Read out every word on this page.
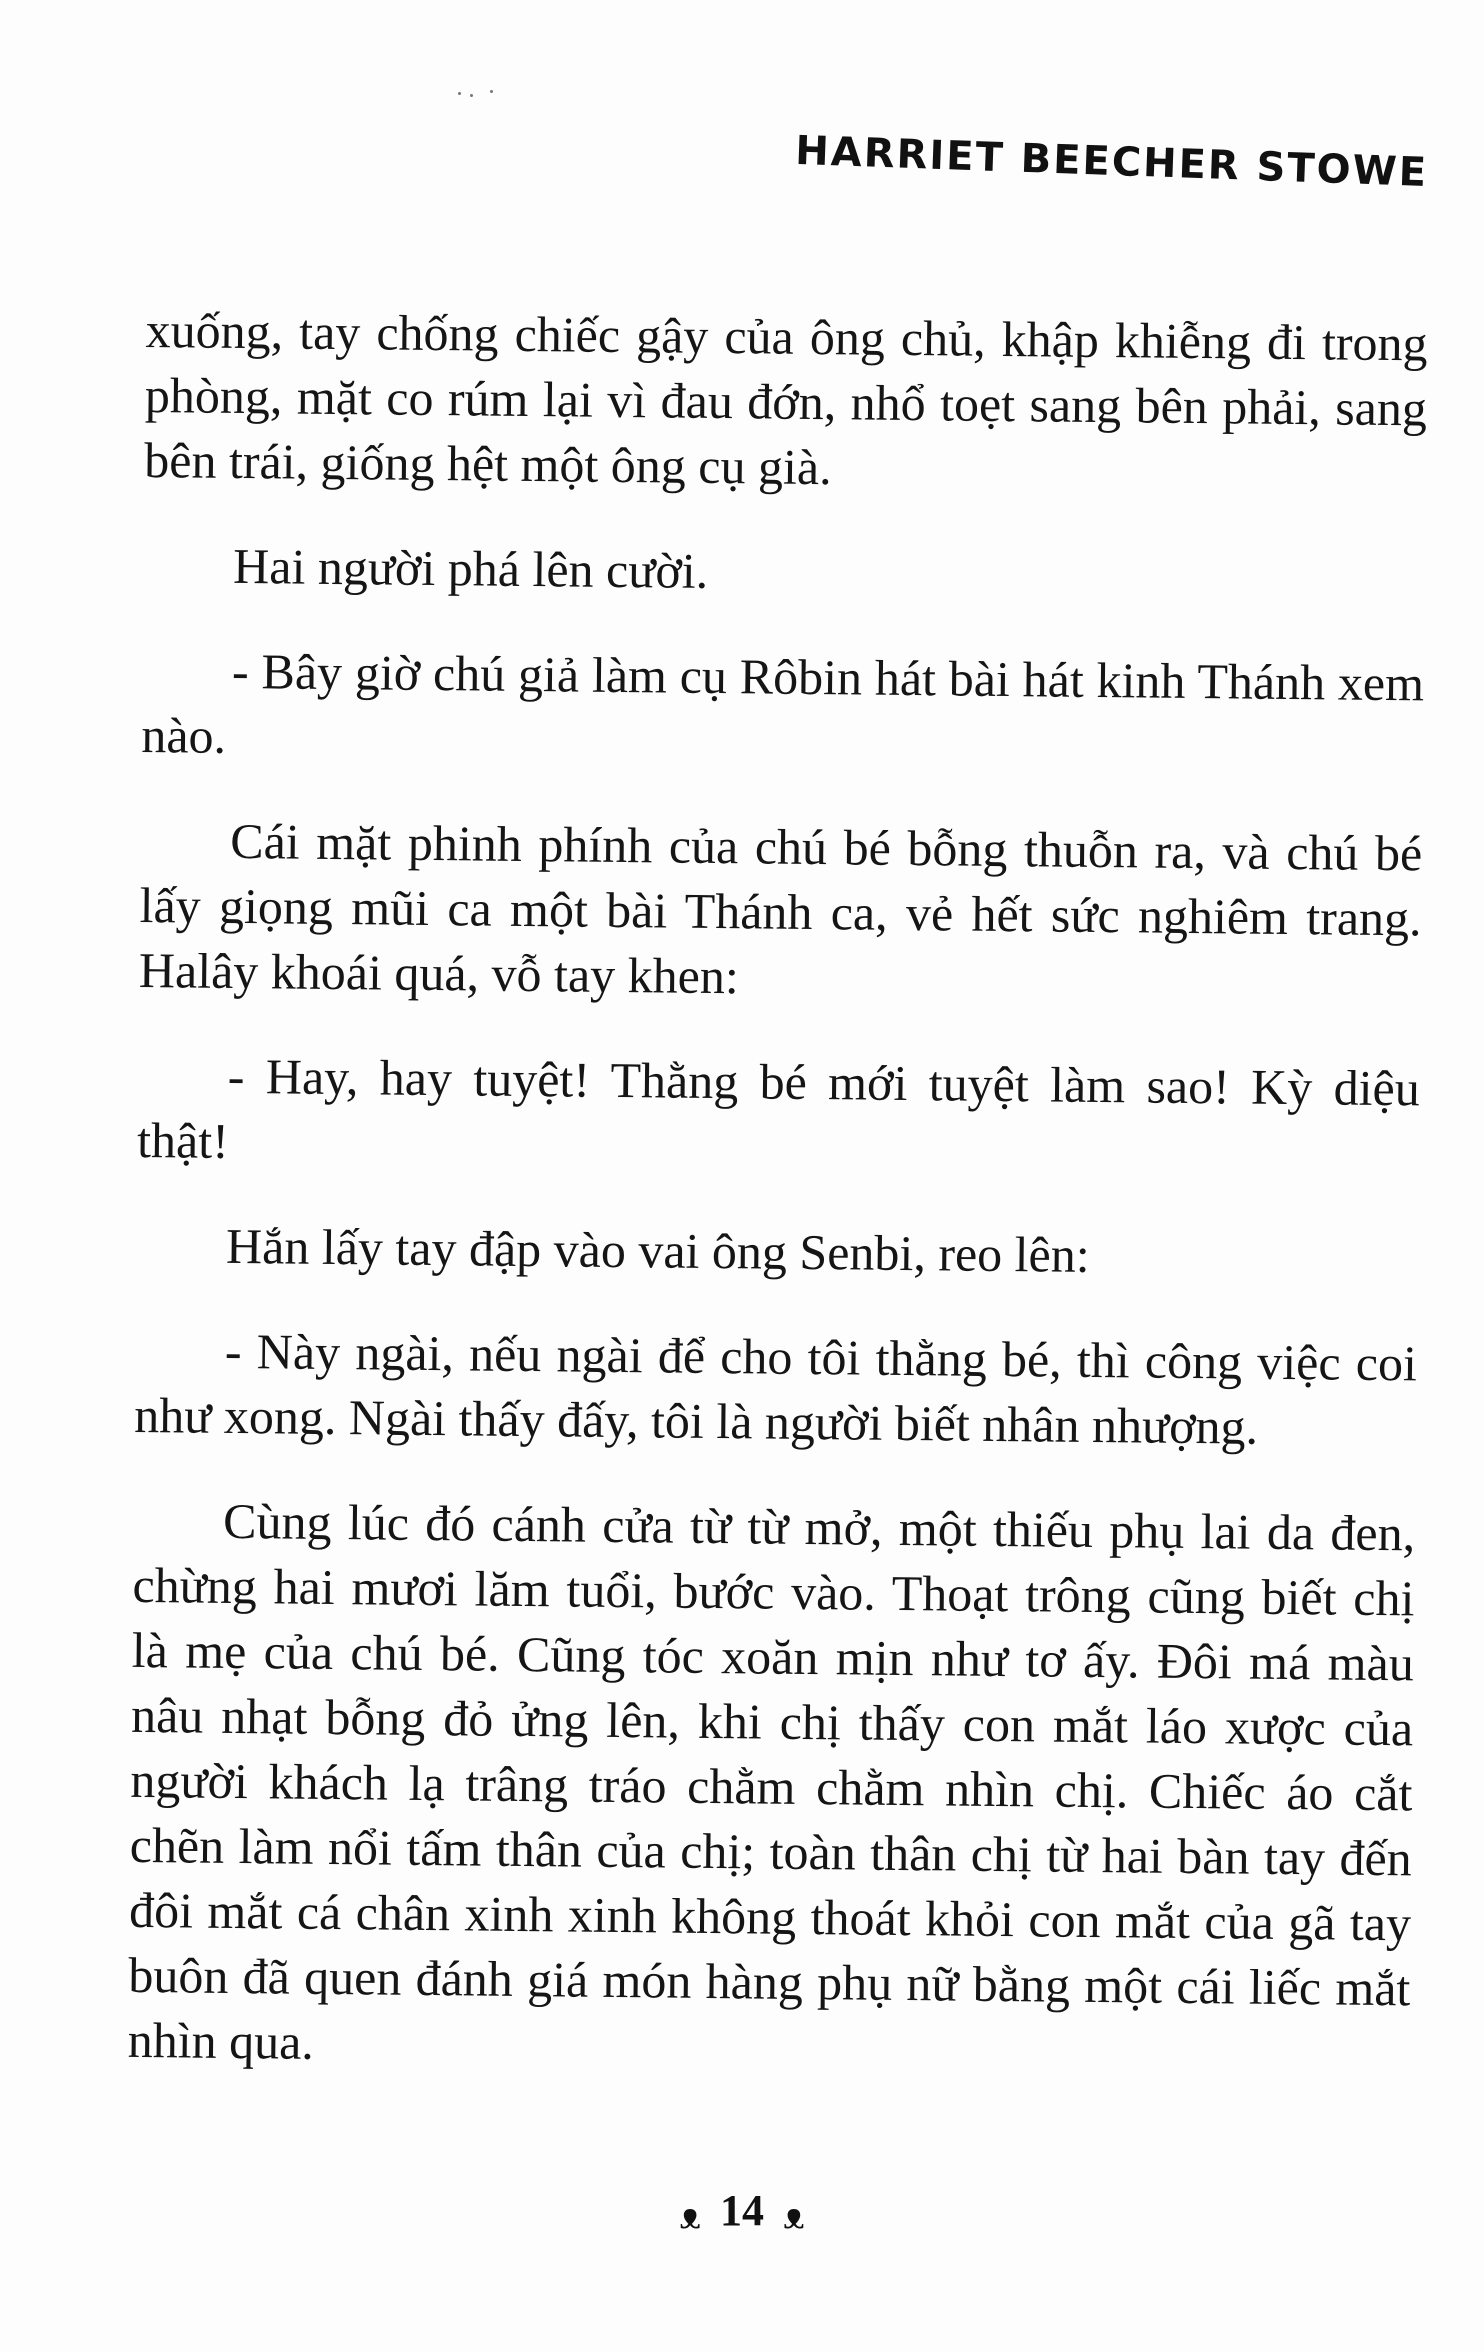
HARRIET BEECHER STOWE

xuống, tay chống chiếc gậy của ông chủ, khập khiễng đi trong phòng, mặt co rúm lại vì đau đớn, nhổ toẹt sang bên phải, sang bên trái, giống hệt một ông cụ già.

Hai người phá lên cười.

- Bây giờ chú giả làm cụ Rôbin hát bài hát kinh Thánh xem nào.

Cái mặt phinh phính của chú bé bỗng thuỗn ra, và chú bé lấy giọng mũi ca một bài Thánh ca, vẻ hết sức nghiêm trang. Halây khoái quá, vỗ tay khen:

- Hay, hay tuyệt! Thằng bé mới tuyệt làm sao! Kỳ diệu thật!

Hắn lấy tay đập vào vai ông Senbi, reo lên:

- Này ngài, nếu ngài để cho tôi thằng bé, thì công việc coi như xong. Ngài thấy đấy, tôi là người biết nhân nhượng.

Cùng lúc đó cánh cửa từ từ mở, một thiếu phụ lai da đen, chừng hai mươi lăm tuổi, bước vào. Thoạt trông cũng biết chị là mẹ của chú bé. Cũng tóc xoăn mịn như tơ ấy. Đôi má màu nâu nhạt bỗng đỏ ửng lên, khi chị thấy con mắt láo xược của người khách lạ trâng tráo chằm chằm nhìn chị. Chiếc áo cắt chẽn làm nổi tấm thân của chị; toàn thân chị từ hai bàn tay đến đôi mắt cá chân xinh xinh không thoát khỏi con mắt của gã tay buôn đã quen đánh giá món hàng phụ nữ bằng một cái liếc mắt nhìn qua.

ᴥ 14 ᴥ
